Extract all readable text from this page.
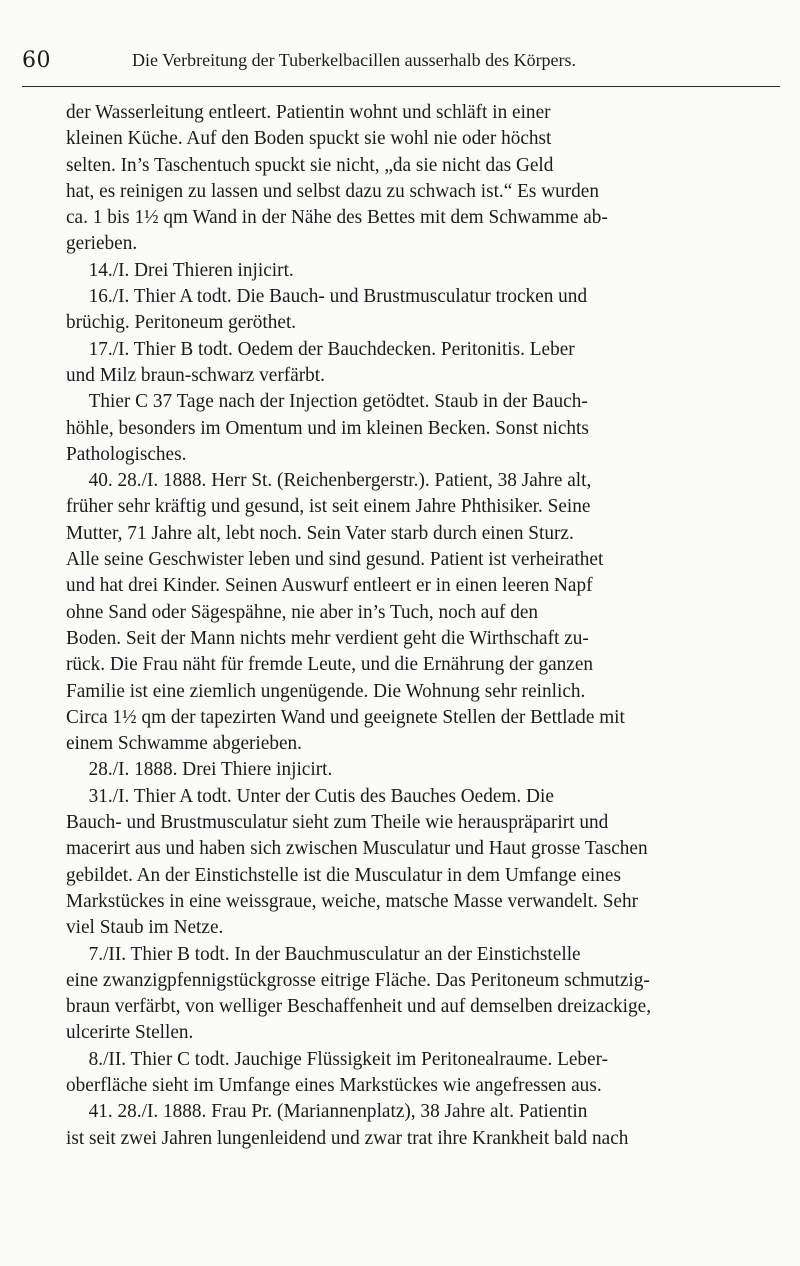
60	Die Verbreitung der Tuberkelbacillen ausserhalb des Körpers.
der Wasserleitung entleert. Patientin wohnt und schläft in einer
kleinen Küche. Auf den Boden spuckt sie wohl nie oder höchst
selten. In’s Taschentuch spuckt sie nicht, „da sie nicht das Geld
hat, es reinigen zu lassen und selbst dazu zu schwach ist.“ Es wurden
ca. 1 bis 1½ qm Wand in der Nähe des Bettes mit dem Schwamme ab-
gerieben.
14./I. Drei Thieren injicirt.
16./I. Thier A todt. Die Bauch- und Brustmusculatur trocken und
brüchig. Peritoneum geröthet.
17./I. Thier B todt. Oedem der Bauchdecken. Peritonitis. Leber
und Milz braun-schwarz verfärbt.
Thier C 37 Tage nach der Injection getödtet. Staub in der Bauch-
höhle, besonders im Omentum und im kleinen Becken. Sonst nichts
Pathologisches.
40. 28./I. 1888. Herr St. (Reichenbergerstr.). Patient, 38 Jahre alt,
früher sehr kräftig und gesund, ist seit einem Jahre Phthisiker. Seine
Mutter, 71 Jahre alt, lebt noch. Sein Vater starb durch einen Sturz.
Alle seine Geschwister leben und sind gesund. Patient ist verheirathet
und hat drei Kinder. Seinen Auswurf entleert er in einen leeren Napf
ohne Sand oder Sägespähne, nie aber in’s Tuch, noch auf den
Boden. Seit der Mann nichts mehr verdient geht die Wirthschaft zu-
rück. Die Frau näht für fremde Leute, und die Ernährung der ganzen
Familie ist eine ziemlich ungenügende. Die Wohnung sehr reinlich.
Circa 1½ qm der tapezirten Wand und geeignete Stellen der Bettlade mit
einem Schwamme abgerieben.
28./I. 1888. Drei Thiere injicirt.
31./I. Thier A todt. Unter der Cutis des Bauches Oedem. Die
Bauch- und Brustmusculatur sieht zum Theile wie herauspräparirt und
macerirt aus und haben sich zwischen Musculatur und Haut grosse Taschen
gebildet. An der Einstichstelle ist die Musculatur in dem Umfange eines
Markstückes in eine weissgraue, weiche, matsche Masse verwandelt. Sehr
viel Staub im Netze.
7./II. Thier B todt. In der Bauchmusculatur an der Einstichstelle
eine zwanzigpfennigstückgrosse eitrige Fläche. Das Peritoneum schmutzig-
braun verfärbt, von welliger Beschaffenheit und auf demselben dreizackige,
ulcerirte Stellen.
8./II. Thier C todt. Jauchige Flüssigkeit im Peritonealraume. Leber-
oberfläche sieht im Umfange eines Markstückes wie angefressen aus.
41. 28./I. 1888. Frau Pr. (Mariannenplatz), 38 Jahre alt. Patientin
ist seit zwei Jahren lungenleidend und zwar trat ihre Krankheit bald nach
